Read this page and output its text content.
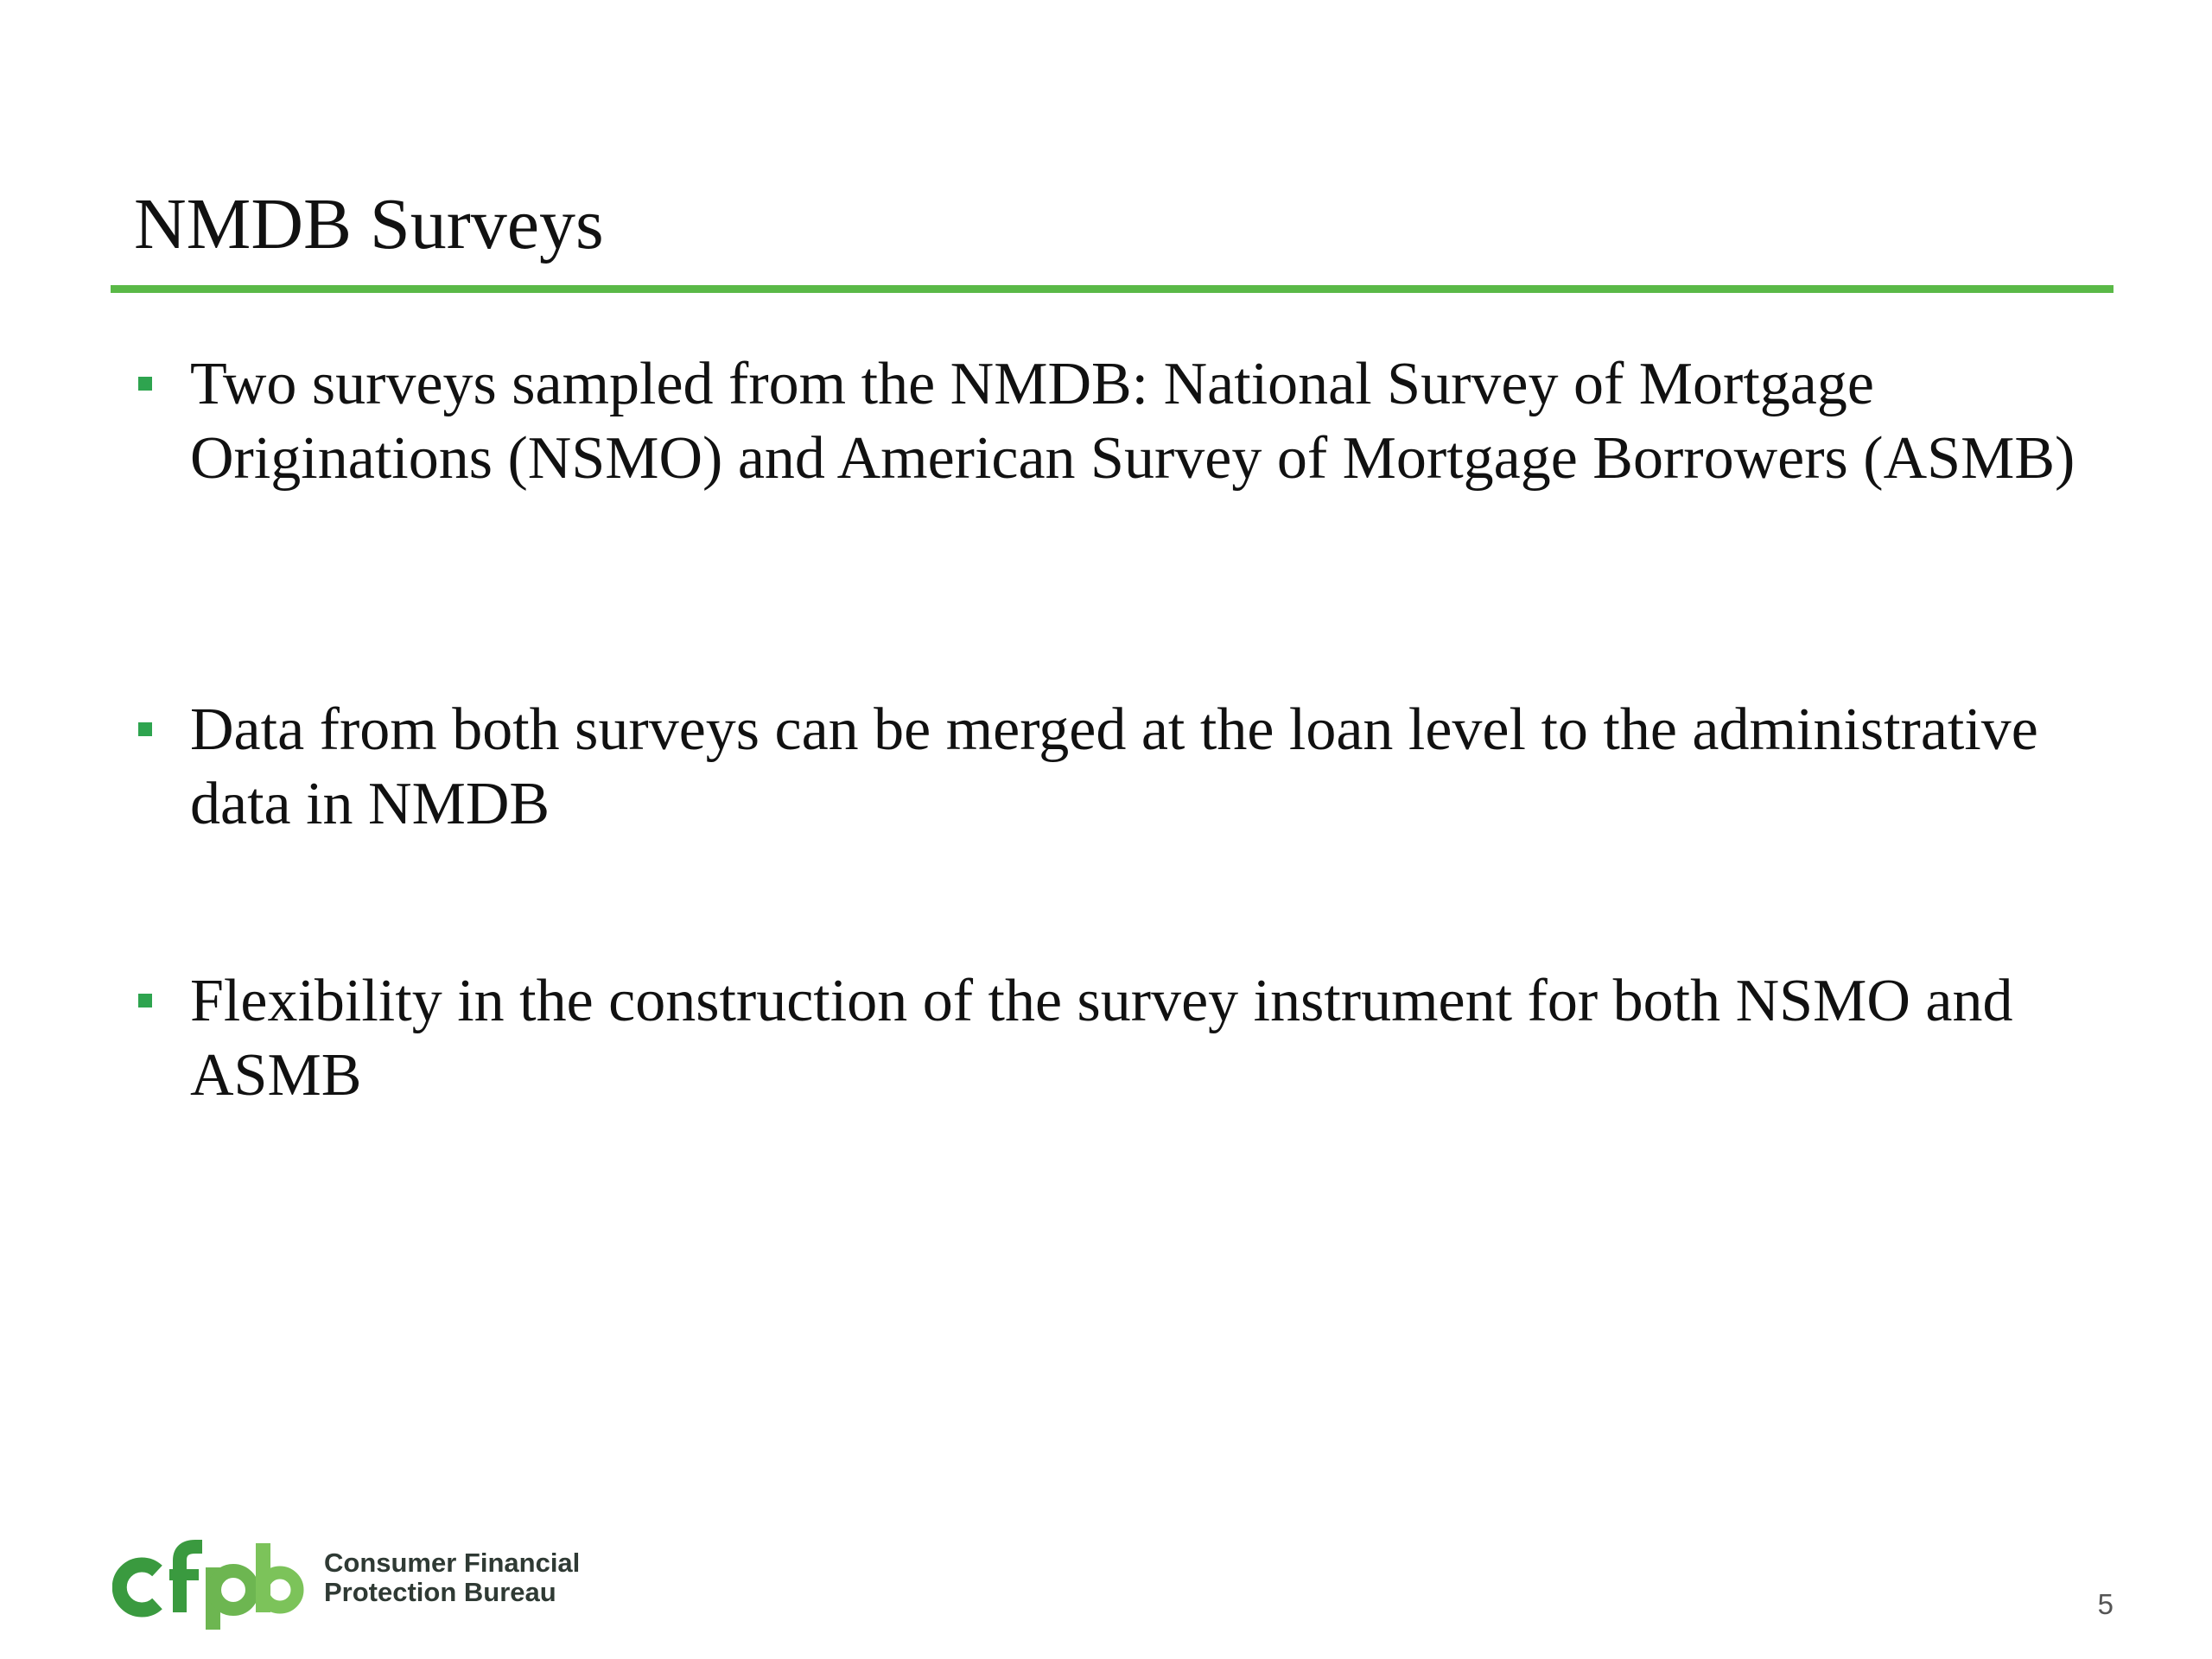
NMDB Surveys
Two surveys sampled from the NMDB: National Survey of Mortgage Originations (NSMO) and American Survey of Mortgage Borrowers (ASMB)
Data from both surveys can be merged at the loan level to the administrative data in NMDB
Flexibility in the construction of the survey instrument for both NSMO and ASMB
Consumer Financial
Protection Bureau	5
